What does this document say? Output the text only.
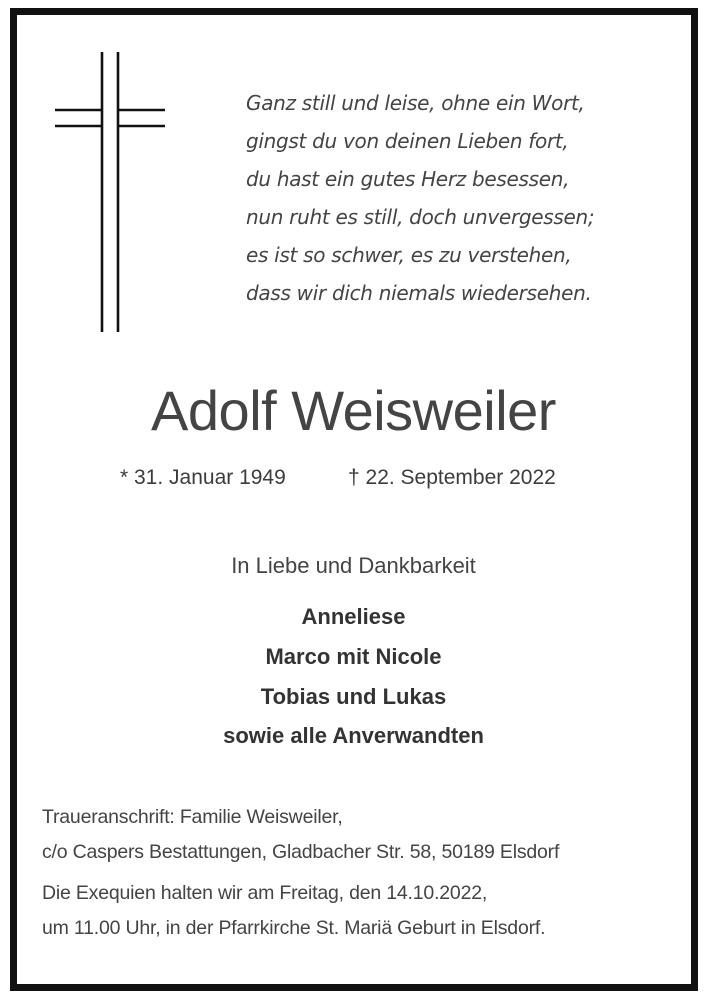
Ganz still und leise, ohne ein Wort,
gingst du von deinen Lieben fort,
du hast ein gutes Herz besessen,
nun ruht es still, doch unvergessen;
es ist so schwer, es zu verstehen,
dass wir dich niemals wiedersehen.
Adolf Weisweiler
* 31. Januar 1949	† 22. September 2022
In Liebe und Dankbarkeit
Anneliese
Marco mit Nicole
Tobias und Lukas
sowie alle Anverwandten
Traueranschrift: Familie Weisweiler,
c/o Caspers Bestattungen, Gladbacher Str. 58, 50189 Elsdorf
Die Exequien halten wir am Freitag, den 14.10.2022,
um 11.00 Uhr, in der Pfarrkirche St. Mariä Geburt in Elsdorf.
